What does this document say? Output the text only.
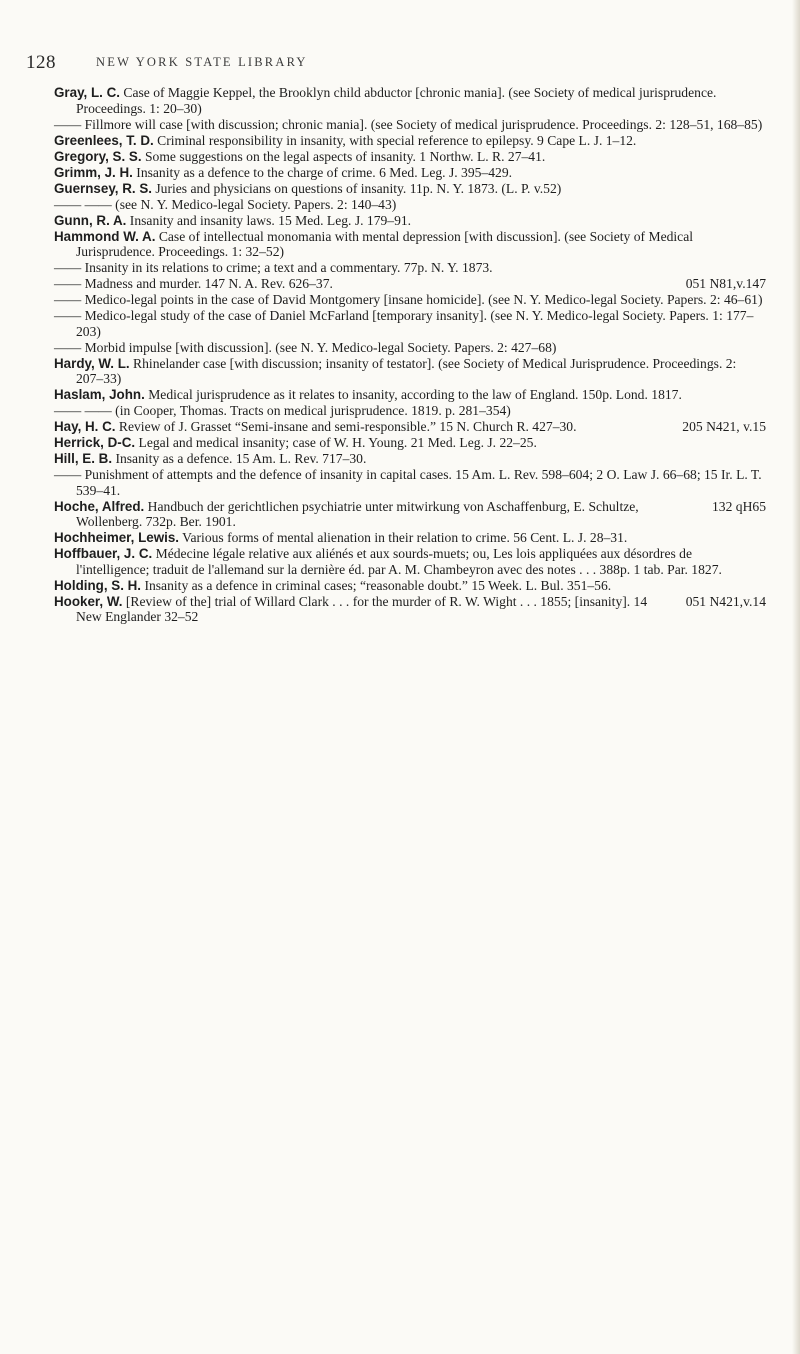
128	NEW YORK STATE LIBRARY
Gray, L. C. Case of Maggie Keppel, the Brooklyn child abductor [chronic mania]. (see Society of medical jurisprudence. Proceedings. 1: 20–30)
—— Fillmore will case [with discussion; chronic mania]. (see Society of medical jurisprudence. Proceedings. 2: 128–51, 168–85)
Greenlees, T. D. Criminal responsibility in insanity, with special reference to epilepsy. 9 Cape L. J. 1–12.
Gregory, S. S. Some suggestions on the legal aspects of insanity. 1 Northw. L. R. 27–41.
Grimm, J. H. Insanity as a defence to the charge of crime. 6 Med. Leg. J. 395–429.
Guernsey, R. S. Juries and physicians on questions of insanity. 11p. N. Y. 1873. (L. P. v.52)
—— —— (see N. Y. Medico-legal Society. Papers. 2: 140–43)
Gunn, R. A. Insanity and insanity laws. 15 Med. Leg. J. 179–91.
Hammond W. A. Case of intellectual monomania with mental depression [with discussion]. (see Society of Medical Jurisprudence. Proceedings. 1: 32–52)
—— Insanity in its relations to crime; a text and a commentary. 77p. N. Y. 1873.
051 N81,v.147
—— Madness and murder. 147 N. A. Rev. 626–37.
—— Medico-legal points in the case of David Montgomery [insane homicide]. (see N. Y. Medico-legal Society. Papers. 2: 46–61)
—— Medico-legal study of the case of Daniel McFarland [temporary insanity]. (see N. Y. Medico-legal Society. Papers. 1: 177–203)
—— Morbid impulse [with discussion]. (see N. Y. Medico-legal Society. Papers. 2: 427–68)
Hardy, W. L. Rhinelander case [with discussion; insanity of testator]. (see Society of Medical Jurisprudence. Proceedings. 2: 207–33)
Haslam, John. Medical jurisprudence as it relates to insanity, according to the law of England. 150p. Lond. 1817.
—— —— (in Cooper, Thomas. Tracts on medical jurisprudence. 1819. p. 281–354)
205 N421, v.15
Hay, H. C. Review of J. Grasset “Semi-insane and semi-responsible.” 15 N. Church R. 427–30.
Herrick, D-C. Legal and medical insanity; case of W. H. Young. 21 Med. Leg. J. 22–25.
Hill, E. B. Insanity as a defence. 15 Am. L. Rev. 717–30.
—— Punishment of attempts and the defence of insanity in capital cases. 15 Am. L. Rev. 598–604; 2 O. Law J. 66–68; 15 Ir. L. T. 539–41.
132 qH65
Hoche, Alfred. Handbuch der gerichtlichen psychiatrie unter mitwirkung von Aschaffenburg, E. Schultze, Wollenberg. 732p. Ber. 1901.
Hochheimer, Lewis. Various forms of mental alienation in their relation to crime. 56 Cent. L. J. 28–31.
Hoffbauer, J. C. Médecine légale relative aux aliénés et aux sourds-muets; ou, Les lois appliquées aux désordres de l'intelligence; traduit de l'allemand sur la dernière éd. par A. M. Chambeyron avec des notes . . . 388p. 1 tab. Par. 1827.
Holding, S. H. Insanity as a defence in criminal cases; “reasonable doubt.” 15 Week. L. Bul. 351–56.
051 N421,v.14
Hooker, W. [Review of the] trial of Willard Clark . . . for the murder of R. W. Wight . . . 1855; [insanity]. 14 New Englander 32–52
